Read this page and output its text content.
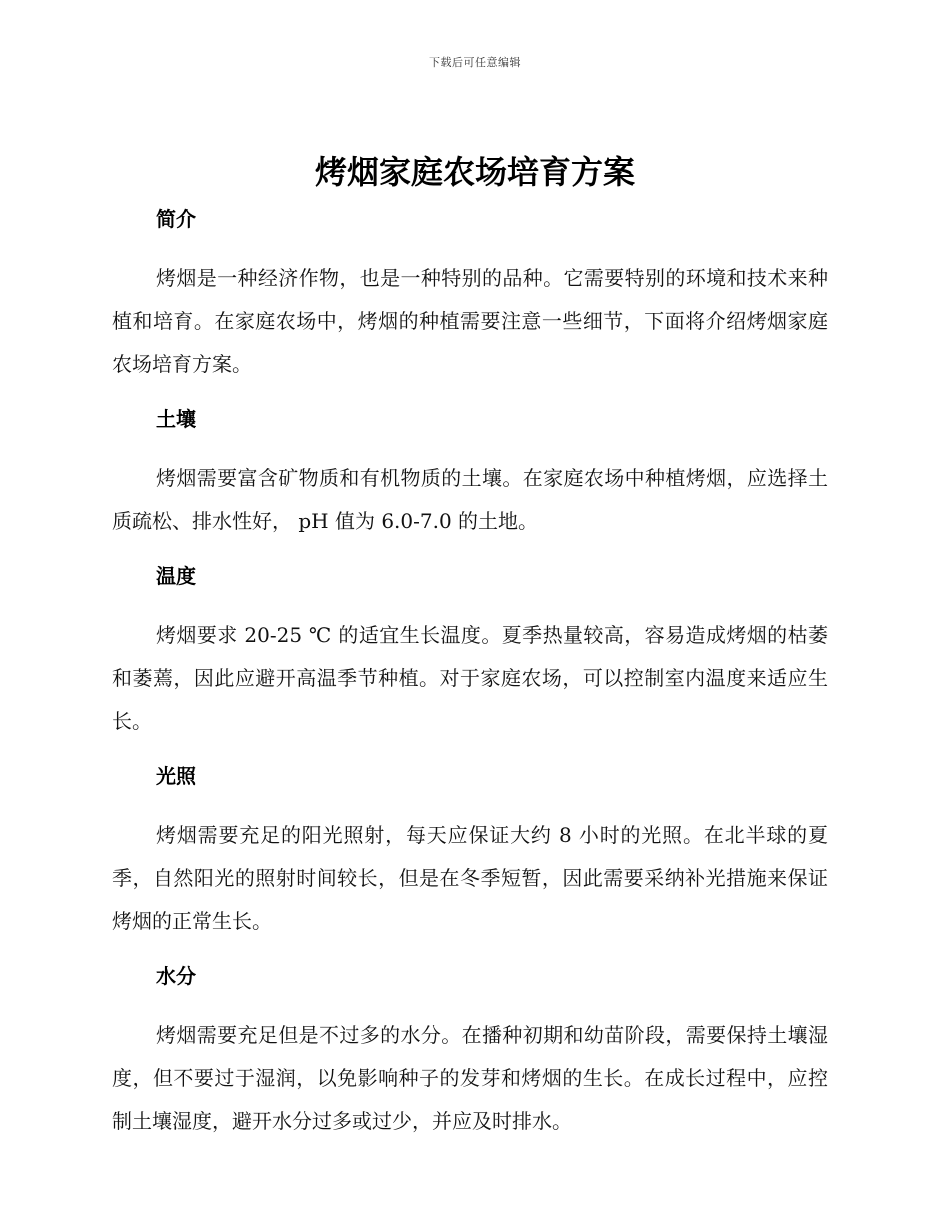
下载后可任意编辑
烤烟家庭农场培育方案
简介

烤烟是一种经济作物，也是一种特别的品种。它需要特别的环境和技术来种植和培育。在家庭农场中，烤烟的种植需要注意一些细节，下面将介绍烤烟家庭农场培育方案。

土壤

烤烟需要富含矿物质和有机物质的土壤。在家庭农场中种植烤烟，应选择土质疏松、排水性好， pH 值为 6.0-7.0 的土地。

温度

烤烟要求 20-25 ℃ 的适宜生长温度。夏季热量较高，容易造成烤烟的枯萎和萎蔫，因此应避开高温季节种植。对于家庭农场，可以控制室内温度来适应生长。

光照

烤烟需要充足的阳光照射，每天应保证大约 8 小时的光照。在北半球的夏季，自然阳光的照射时间较长，但是在冬季短暂，因此需要采纳补光措施来保证烤烟的正常生长。

水分

烤烟需要充足但是不过多的水分。在播种初期和幼苗阶段，需要保持土壤湿度，但不要过于湿润，以免影响种子的发芽和烤烟的生长。在成长过程中，应控制土壤湿度，避开水分过多或过少，并应及时排水。
